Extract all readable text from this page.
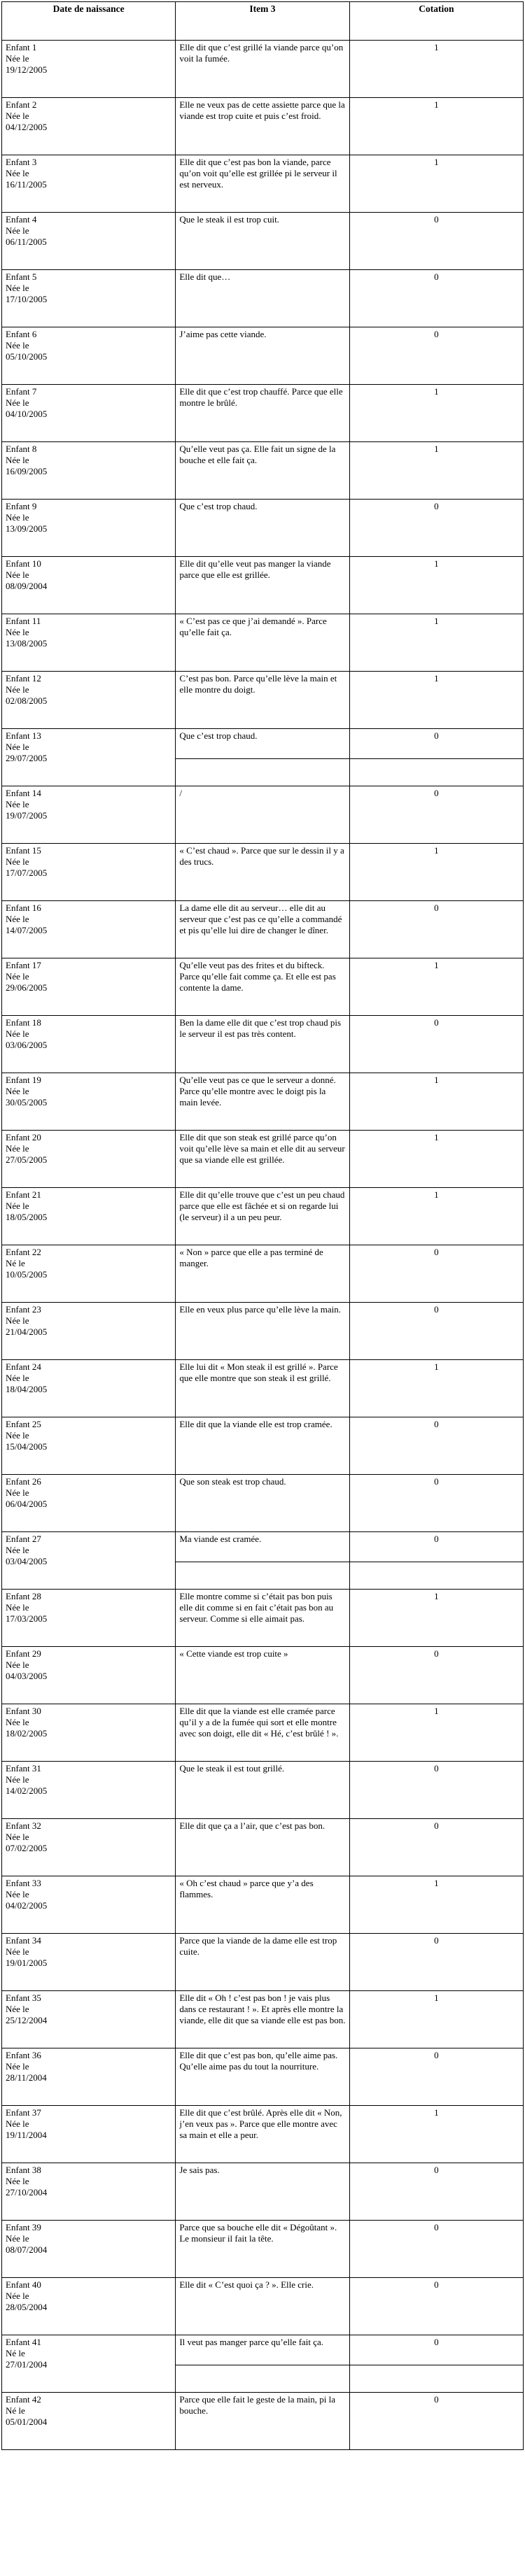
Date de naissance	Item 3	Cotation

Enfant 1
Née le
19/12/2005	Elle dit que c’est grillé la viande parce qu’on voit la fumée.	1

Enfant 2
Née le
04/12/2005	Elle ne veux pas de cette assiette parce que la viande est trop cuite et puis c’est froid.	1

Enfant 3
Née le
16/11/2005	Elle dit que c’est pas bon la viande, parce qu’on voit qu’elle est grillée pi le serveur il est nerveux.	1

Enfant 4
Née le
06/11/2005	Que le steak il est trop cuit.	0

Enfant 5
Née le
17/10/2005	Elle dit que…	0

Enfant 6
Née le
05/10/2005	J’aime pas cette viande.	0

Enfant 7
Née le
04/10/2005	Elle dit que c’est trop chauffé. Parce que elle montre le brûlé.	1

Enfant 8
Née le
16/09/2005	Qu’elle veut pas ça. Elle fait un signe de la bouche et elle fait ça.	1

Enfant 9
Née le
13/09/2005	Que c’est trop chaud.	0

Enfant 10
Née le
08/09/2004	Elle dit qu’elle veut pas manger la viande parce que elle est grillée.	1

Enfant 11
Née le
13/08/2005	« C’est pas ce que j’ai demandé ». Parce qu’elle fait ça.	1

Enfant 12
Née le
02/08/2005	C’est pas bon. Parce qu’elle lève la main et elle montre du doigt.	1

Enfant 13
Née le
29/07/2005	Que c’est trop chaud.	0

Enfant 14
Née le
19/07/2005	/	0

Enfant 15
Née le
17/07/2005	« C’est chaud ». Parce que sur le dessin il y a des trucs.	1

Enfant 16
Née le
14/07/2005	La dame elle dit au serveur… elle dit au serveur que c’est pas ce qu’elle a commandé et pis qu’elle lui dire de changer le dîner.	0

Enfant 17
Née le
29/06/2005	Qu’elle veut pas des frites et du bifteck. Parce qu’elle fait comme ça. Et elle est pas contente la dame.	1

Enfant 18
Née le
03/06/2005	Ben la dame elle dit que c’est trop chaud pis le serveur il est pas très content.	0

Enfant 19
Née le
30/05/2005	Qu’elle veut pas ce que le serveur a donné. Parce qu’elle montre avec le doigt pis la main levée.	1

Enfant 20
Née le
27/05/2005	Elle dit que son steak est grillé parce qu’on voit qu’elle lève sa main et elle dit au serveur que sa viande elle est grillée.	1

Enfant 21
Née le
18/05/2005	Elle dit qu’elle trouve que c’est un peu chaud parce que elle est fâchée et si on regarde lui (le serveur) il a un peu peur.	1

Enfant 22
Né le
10/05/2005	« Non » parce que elle a pas terminé de manger.	0

Enfant 23
Née le
21/04/2005	Elle en veux plus parce qu’elle lève la main.	0

Enfant 24
Née le
18/04/2005	Elle lui dit « Mon steak il est grillé ». Parce que elle montre que son steak il est grillé.	1

Enfant 25
Née le
15/04/2005	Elle dit que la viande elle est trop cramée.	0

Enfant 26
Née le
06/04/2005	Que son steak est trop chaud.	0

Enfant 27
Née le
03/04/2005	Ma viande est cramée.	0

Enfant 28
Née le
17/03/2005	Elle montre comme si c’était pas bon puis elle dit comme si en fait c’était pas bon au serveur. Comme si elle aimait pas.	1

Enfant 29
Née le
04/03/2005	« Cette viande est trop cuite »	0

Enfant 30
Née le
18/02/2005	Elle dit que la viande est elle cramée parce qu’il y a de la fumée qui sort et elle montre avec son doigt, elle dit « Hé, c’est brûlé ! ».	1

Enfant 31
Née le
14/02/2005	Que le steak il est tout grillé.	0

Enfant 32
Née le
07/02/2005	Elle dit que ça a l’air, que c’est pas bon.	0

Enfant 33
Née le
04/02/2005	« Oh c’est chaud » parce que y’a des flammes.	1

Enfant 34
Née le
19/01/2005	Parce que la viande de la dame elle est trop cuite.	0

Enfant 35
Née le
25/12/2004	Elle dit « Oh ! c’est pas bon ! je vais plus dans ce restaurant ! ». Et après elle montre la viande, elle dit que sa viande elle est pas bon.	1

Enfant 36
Née le
28/11/2004	Elle dit que c’est pas bon, qu’elle aime pas. Qu’elle aime pas du tout la nourriture.	0

Enfant 37
Née le
19/11/2004	Elle dit que c’est brûlé. Après elle dit « Non, j’en veux pas ». Parce que elle montre avec sa main et elle a peur.	1

Enfant 38
Née le
27/10/2004	Je sais pas.	0

Enfant 39
Née le
08/07/2004	Parce que sa bouche elle dit « Dégoûtant ». Le monsieur il fait la tête.	0

Enfant 40
Née le
28/05/2004	Elle dit « C’est quoi ça ? ». Elle crie.	0

Enfant 41
Né le
27/01/2004	Il veut pas manger parce qu’elle fait ça.	0

Enfant 42
Né le
05/01/2004	Parce que elle fait le geste de la main, pi la bouche.	0
